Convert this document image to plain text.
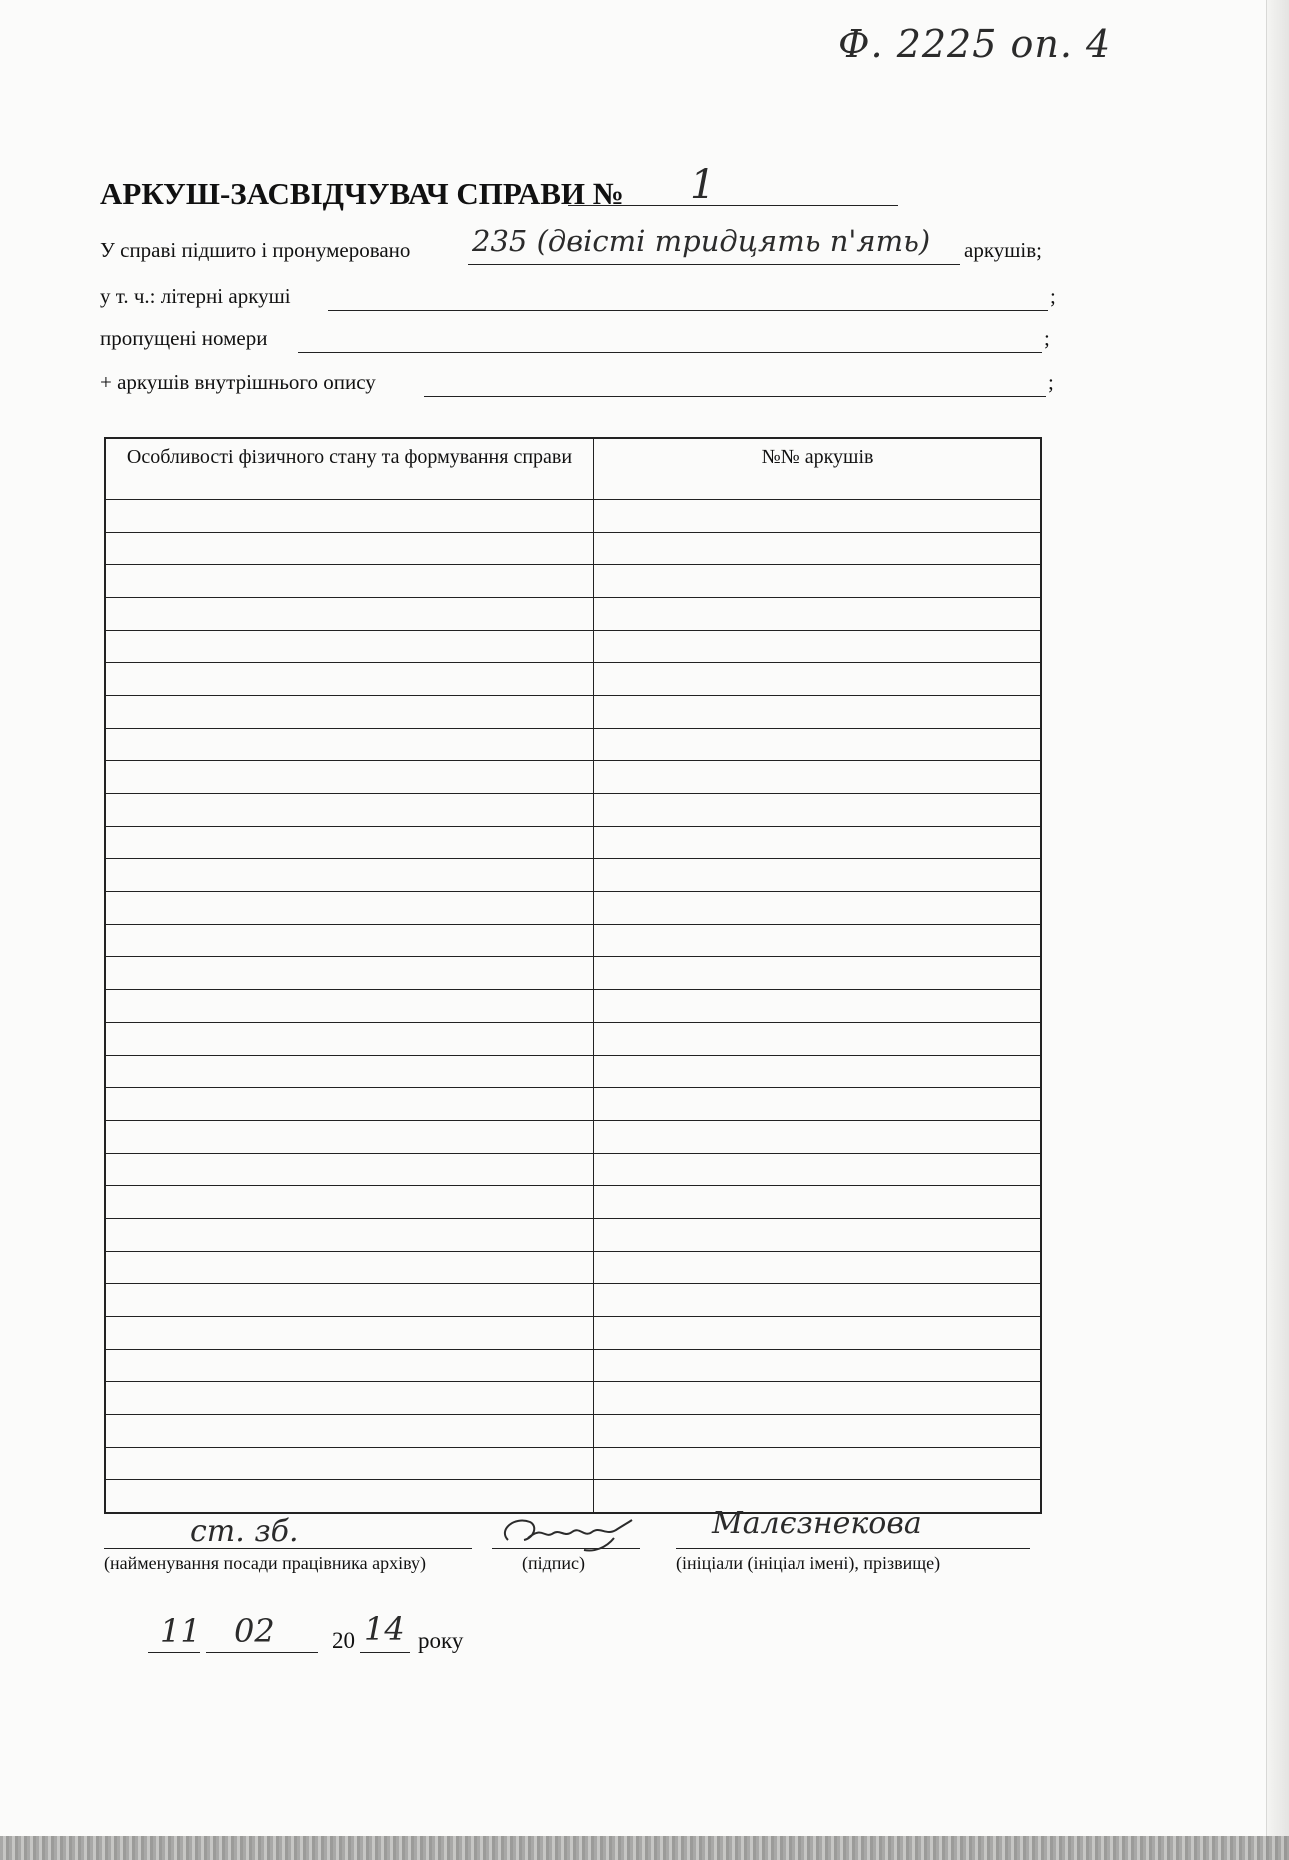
Ф. 2225 оп. 4
АРКУШ-ЗАСВІДЧУВАЧ СПРАВИ № 1
У справі підшито і пронумеровано 235 (двісті тридцять п'ять) аркушів;
у т. ч.: літерні аркуші	;
пропущені номери	;
+ аркушів внутрішнього опису	;
Особливості фізичного стану та формування справи	№№ аркушів
ст. зб.
(найменування посади працівника архіву)	(підпис)
Малєзнекова
(ініціали (ініціал імені), прізвище)
11 02 20 14 року
